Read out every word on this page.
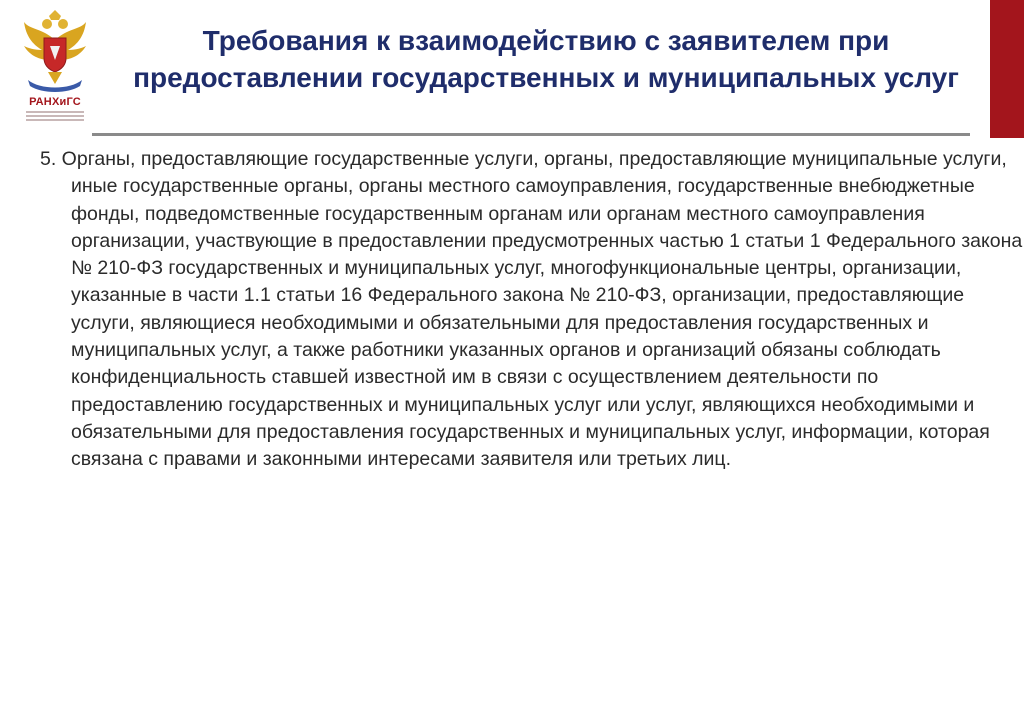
РАНХиГС
Требования к взаимодействию с заявителем при предоставлении государственных и муниципальных услуг

5. Органы, предоставляющие государственные услуги, органы, предоставляющие муниципальные услуги, иные государственные органы, органы местного самоуправления, государственные внебюджетные фонды, подведомственные государственным органам или органам местного самоуправления организации, участвующие в предоставлении предусмотренных частью 1 статьи 1 Федерального закона № 210-ФЗ государственных и муниципальных услуг, многофункциональные центры, организации, указанные в части 1.1 статьи 16 Федерального закона № 210-ФЗ, организации, предоставляющие услуги, являющиеся необходимыми и обязательными для предоставления государственных и муниципальных услуг, а также работники указанных органов и организаций обязаны соблюдать конфиденциальность ставшей известной им в связи с осуществлением деятельности по предоставлению государственных и муниципальных услуг или услуг, являющихся необходимыми и обязательными для предоставления государственных и муниципальных услуг, информации, которая связана с правами и законными интересами заявителя или третьих лиц.
